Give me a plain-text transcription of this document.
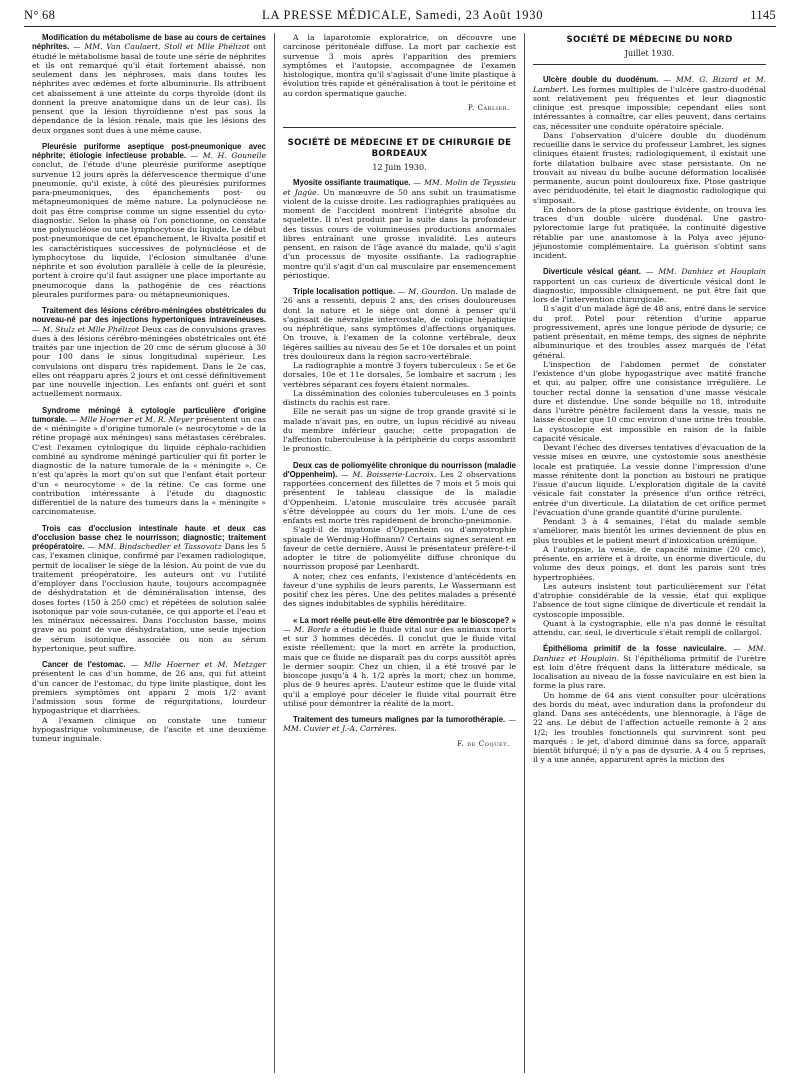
N° 68	LA PRESSE MÉDICALE, Samedi, 23 Août 1930	1145

Modification du métabolisme de base au cours de certaines néphrites. — MM. Van Caulaert, Stoll et Mlle Phélizot ont étudié le métabolisme basal de toute une série de néphrites et ils ont remarqué qu'il était fortement abaissé, non seulement dans les néphroses, mais dans toutes les néphrites avec œdèmes et forte albuminurie. Ils attribuent cet abaissement à une atteinte du corps thyroïde (dont ils donnent la preuve anatomique dans un de leur cas). Ils pensent que la lésion thyroïdienne n'est pas sous la dépendance de la lésion rénale, mais que les lésions des deux organes sont dues à une même cause.

Pleurésie puriforme aseptique post-pneumonique avec néphrite; étiologie infectieuse probable. — M. H. Gounelle conclut, de l'étude d'une pleurésie puriforme aseptique survenue 12 jours après la défervescence thermique d'une pneumonie, qu'il existe, à côté des pleurésies puriformes para-pneumoniques, des épanchements post- ou métapneumoniques de même nature. La polynucléose ne doit pas être comprise comme un signe essentiel du cyto-diagnostic. Selon la phase où l'on ponctionne, on constate une polynucléose ou une lymphocytose du liquide. Le début post-pneumonique de cet épanchement, le Rivalta positif et les caractéristiques successives de polynucléose et de lymphocytose du liquide, l'éclosion simultanée d'une néphrite et son évolution parallèle à celle de la pleurésie, portent à croire qu'il faut assigner une place importante au pneumocoque dans la pathogénie de ces réactions pleurales puriformes para- ou métapneumoniques.

Traitement des lésions cérébro-méningées obstétricales du nouveau-né par des injections hypertoniques intraveineuses. — M. Stulz et Mlle Phélizot Deux cas de convulsions graves dues à des lésions cérébro-méningées obstétricales ont été traités par une injection de 20 cmc de sérum glucosé à 30 pour 100 dans le sinus longitudinal supérieur. Les convulsions ont disparu très rapidement. Dans le 2e cas, elles ont réapparu après 2 jours et ont cessé définitivement par une nouvelle injection. Les enfants ont guéri et sont actuellement normaux.

Syndrome méningé à cytologie particulière d'origine tumorale. — Mlle Hoerner et M. R. Meyer présentent un cas de « méningite » d'origine tumorale (« neurocytome » de la rétine propagé aux méninges) sans métastases cérébrales. C'est l'examen cytologique du liquide céphalo-rachidien combiné au syndrome méningé particulier qui fit porter le diagnostic de la nature tumorale de la « méningite ». Ce n'est qu'après la mort qu'on sut que l'enfant était porteur d'un « neurocytome » de la rétine. Ce cas forme une contribution intéressante à l'étude du diagnostic différentiel de la nature des tumeurs dans la « méningite » carcinomateuse.

Trois cas d'occlusion intestinale haute et deux cas d'occlusion basse chez le nourrisson; diagnostic; traitement préopératoire. — MM. Bindschedler et Tassovatz Dans les 5 cas, l'examen clinique, confirmé par l'examen radiologique, permit de localiser le siège de la lésion. Au point de vue du traitement préopératoire, les auteurs ont vu l'utilité d'employer dans l'occlusion haute, toujours accompagnée de déshydratation et de déminéralisation intense, des doses fortes (150 à 250 cmc) et répétées de solution salée isotonique par voie sous-cutanée, ce qui apporte et l'eau et les minéraux nécessaires. Dans l'occlusion basse, moins grave au point de vue déshydratation, une seule injection de sérum isotonique, associée ou non au sérum hypertonique, peut suffire.

Cancer de l'estomac. — Mlle Hoerner et M. Metzger présentent le cas d'un homme, de 26 ans, qui fut atteint d'un cancer de l'estomac, du type linite plastique, dont les premiers symptômes ont apparu 2 mois 1/2 avant l'admission sous forme de régurgitations, lourdeur hypogastrique et diarrhées.

A l'examen clinique on constate une tumeur hypogastrique volumineuse, de l'ascite et une deuxième tumeur inguinale.

A la laparotomie exploratrice, on découvre une carcinose péritonéale diffuse. La mort par cachexie est survenue 3 mois après l'apparition des premiers symptômes et l'autopsie, accompagnée de l'examen histologique, montra qu'il s'agissait d'une linite plastique à évolution très rapide et généralisation à tout le péritoine et au cordon spermatique gauche.

P. Carlier.
SOCIÉTÉ DE MÉDECINE ET DE CHIRURGIE DE BORDEAUX
12 Juin 1930.

Myosite ossifiante traumatique. — MM. Molin de Teyssieu et Jagüe. Un manœuvre de 50 ans subit un traumatisme violent de la cuisse droite. Les radiographies pratiquées au moment de l'accident montrent l'intégrité absolue du squelette. Il n'est produit par la suite dans la profondeur des tissus cours de volumineuses productions anormales libres entraînant une grosse invalidité. Les auteurs pensent, en raison de l'âge avancé du malade, qu'il s'agit d'un processus de myosite ossifiante. La radiographie montre qu'il s'agit d'un cal musculaire par ensemencement périostique.

Triple localisation pottique. — M. Gourdon. Un malade de 26 ans a ressenti, depuis 2 ans, des crises douloureuses dont la nature et le siège ont donné à penser qu'il s'agissait de névralgie intercostale, de colique hépatique ou néphrétique, sans symptômes d'affections organiques. On trouve, à l'examen de la colonne vertébrale, deux légères saillies au niveau des 5e et 10e dorsales et un point très douloureux dans la région sacro-vertébrale.

La radiographie a montré 3 foyers tuberculeux : 5e et 6e dorsales, 10e et 11e dorsales, 5e lombaire et sacrum ; les vertèbres séparant ces foyers étaient normales.

La dissémination des colonies tuberculeuses en 3 points distincts du rachis est rare.

Elle ne serait pas un signe de trop grande gravité si le malade n'avait pas, en outre, un lupus récidivé au niveau du membre inférieur gauche; cette propagation de l'affection tuberculeuse à la périphérie du corps assombrit le pronostic.

Deux cas de poliomyélite chronique du nourrisson (maladie d'Oppenheim). — M. Boisserie-Lacroix. Les 2 observations rapportées concernent des fillettes de 7 mois et 5 mois qui présentent le tableau classique de la maladie d'Oppenheim. L'atonie musculaire très accusée paraît s'être développée au cours du 1er mois. L'une de ces enfants est morte très rapidement de broncho-pneumonie.

S'agit-il de myatonie d'Oppenheim ou d'amyotrophie spinale de Werdnig-Hoffmann? Certains signes seraient en faveur de cette dernière. Aussi le présentateur préfère-t-il adopter le titre de poliomyélite diffuse chronique du nourrisson proposé par Leenhardt.

A noter, chez ces enfants, l'existence d'antécédents en faveur d'une syphilis de leurs parents. Le Wassermann est positif chez les pères. Une des petites malades a présenté des signes indubitables de syphilis héréditaire.

« La mort réelle peut-elle être démontrée par le bioscope? » — M. Borde a étudié le fluide vital sur des animaux morts et sur 3 hommes décédés. Il conclut que le fluide vital existe réellement; que la mort en arrête la production, mais que ce fluide ne disparaît pas du corps aussitôt après le dernier soupir. Chez un chien, il a été trouvé par le bioscope jusqu'à 4 h. 1/2 après la mort; chez un homme, plus de 9 heures après. L'auteur estime que le fluide vital qu'il a employé pour déceler le fluide vital pourrait être utilisé pour démontrer la réalité de la mort.

Traitement des tumeurs malignes par la tumorothérapie. — MM. Cuvier et J.-A. Carrères.

F. de Coquet.
SOCIÉTÉ DE MÉDECINE DU NORD
Juillet 1930.

Ulcère double du duodénum. — MM. G. Bizard et M. Lambert. Les formes multiples de l'ulcère gastro-duodénal sont relativement peu fréquentes et leur diagnostic clinique est presque impossible; cependant elles sont intéressantes à connaître, car elles peuvent, dans certains cas, nécessiter une conduite opératoire spéciale.

Dans l'observation d'ulcère double du duodénum recueillie dans le service du professeur Lambret, les signes cliniques étaient frustes; radiologiquement, il existait une forte dilatation bulbaire avec stase persistante. On ne trouvait au niveau du bulbe aucune déformation localisée permanente, aucun point douloureux fixe. Ptose gastrique avec périduodénite, tel était le diagnostic radiologique qui s'imposait.

En dehors de la ptose gastrique évidente, on trouva les traces d'un double ulcère duodénal. Une gastro-pylorectomie large fut pratiquée, la continuité digestive rétablie par une anastomose à la Polya avec jéjuno-jéjunostomie complémentaire. La guérison s'obtint sans incident.

Diverticule vésical géant. — MM. Danhiez et Houplain rapportent un cas curieux de diverticule vésical dont le diagnostic, impossible cliniquement, ne put être fait que lors de l'intervention chirurgicale.

Il s'agit d'un malade âgé de 48 ans, entré dans le service du prof. Potel pour rétention d'urine apparue progressivement, après une longue période de dysurie; ce patient présentait, en même temps, des signes de néphrite albuminurique et des troubles assez marqués de l'état général.

L'inspection de l'abdomen permet de constater l'existence d'un globe hypogastrique avec matité franche et qui, au palper, offre une consistance irrégulière. Le toucher rectal donne la sensation d'une masse vésicale dure et distendue. Une sonde béquille no 18, introduite dans l'urètre pénètre facilement dans la vessie, mais ne laisse écouler que 10 cmc environ d'une urine très trouble. La cystoscopie est impossible en raison de la faible capacité vésicale.

Devant l'échec des diverses tentatives d'évacuation de la vessie mises en œuvre, une cystostomie sous anesthésie locale est pratiquée. La vessie donne l'impression d'une masse rénitente dont la ponction au bistouri ne pratique l'issue d'aucun liquide. L'exploration digitale de la cavité vésicale fait constater la présence d'un orifice rétréci, entrée d'un diverticule. La dilatation de cet orifice permet l'évacuation d'une grande quantité d'urine purulente.

Pendant 3 à 4 semaines, l'état du malade semble s'améliorer, mais bientôt les urines deviennent de plus en plus troubles et le patient meurt d'intoxication urémique.

A l'autopsie, la vessie, de capacité minime (20 cmc), présente, en arrière et à droite, un énorme diverticule, du volume des deux poings, et dont les parois sont très hypertrophiées.

Les auteurs insistent tout particulièrement sur l'état d'atrophie considérable de la vessie, état qui explique l'absence de tout signe clinique de diverticule et rendait la cystoscopie impossible.

Quant à la cystographie, elle n'a pas donné le résultat attendu, car, seul, le diverticule s'était rempli de collargol.

Épithélioma primitif de la fosse naviculaire. — MM. Danhiez et Houplain. Si l'épithélioma primitif de l'urètre est loin d'être fréquent dans la littérature médicale, sa localisation au niveau de la fosse naviculaire en est bien la forme la plus rare.

Un homme de 64 ans vient consulter pour ulcérations des bords du méat, avec induration dans la profondeur du gland. Dans ses antécédents, une blennoragie, à l'âge de 22 ans. Le début de l'affection actuelle remonte à 2 ans 1/2; les troubles fonctionnels qui survinrent sont peu marqués : le jet, d'abord diminué dans sa force, apparaît bientôt bifurqué; il n'y a pas de dysurie. A 4 ou 5 reprises, il y a une année, apparurent après la miction des
